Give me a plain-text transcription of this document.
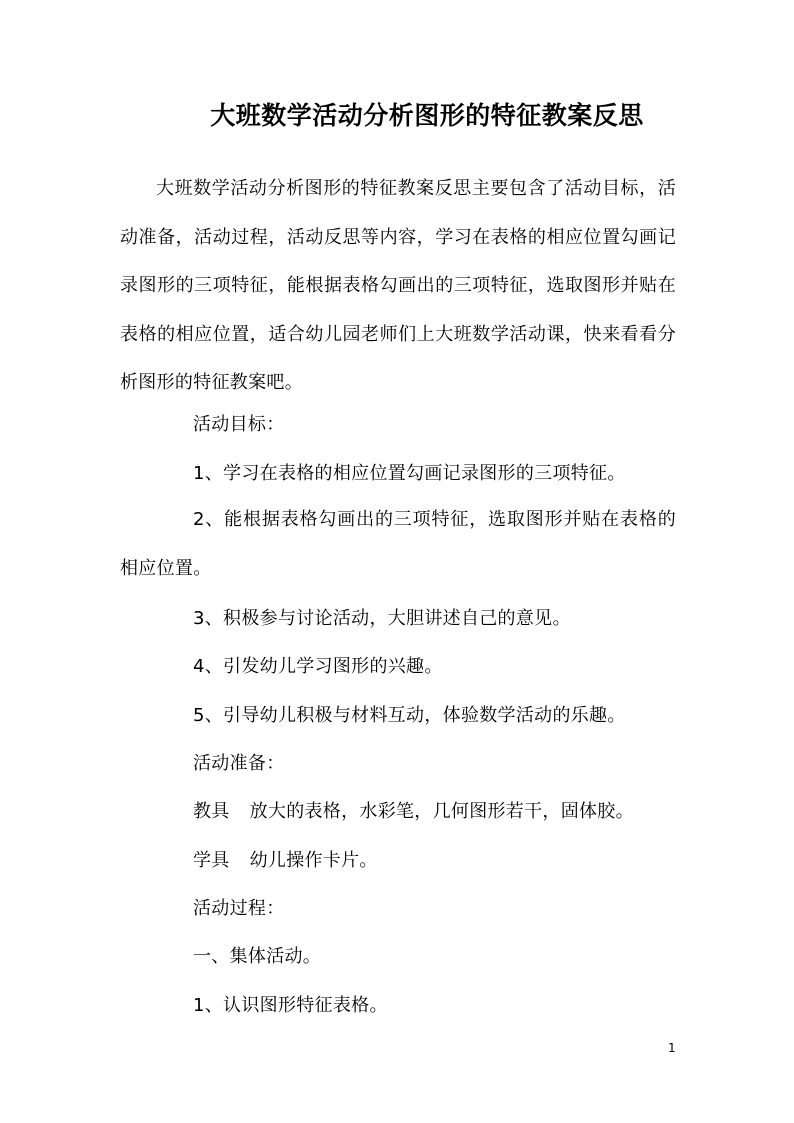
大班数学活动分析图形的特征教案反思
大班数学活动分析图形的特征教案反思主要包含了活动目标，活动准备，活动过程，活动反思等内容，学习在表格的相应位置勾画记录图形的三项特征，能根据表格勾画出的三项特征，选取图形并贴在表格的相应位置，适合幼儿园老师们上大班数学活动课，快来看看分析图形的特征教案吧。
活动目标：
1、学习在表格的相应位置勾画记录图形的三项特征。
2、能根据表格勾画出的三项特征，选取图形并贴在表格的相应位置。
3、积极参与讨论活动，大胆讲述自己的意见。
4、引发幼儿学习图形的兴趣。
5、引导幼儿积极与材料互动，体验数学活动的乐趣。
活动准备：
教具 放大的表格，水彩笔，几何图形若干，固体胶。
学具 幼儿操作卡片。
活动过程：
一、集体活动。
1、认识图形特征表格。
1
